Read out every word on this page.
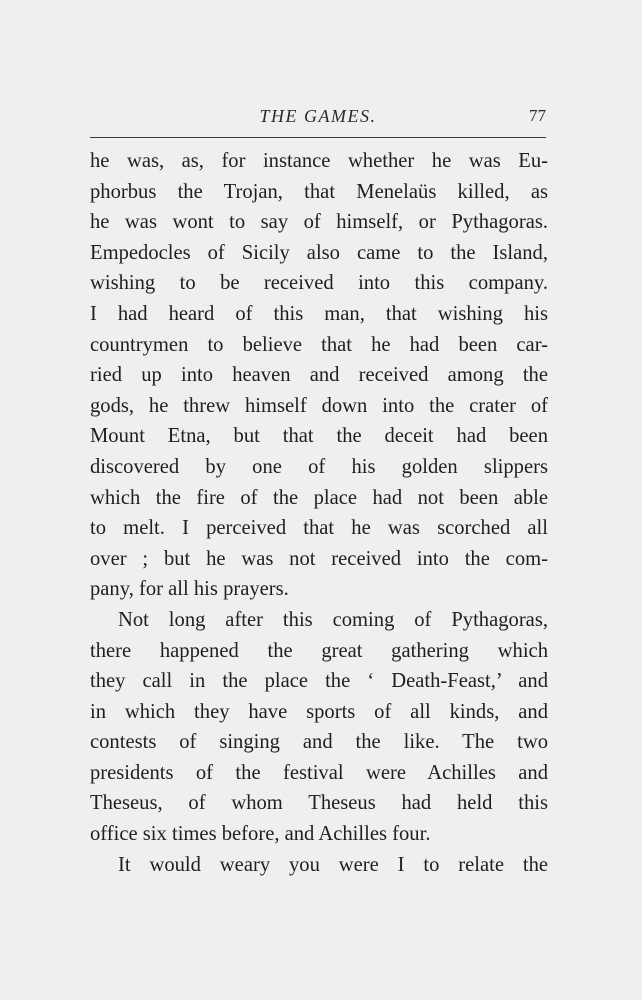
THE GAMES.	77
he was, as, for instance whether he was Eu-
phorbus the Trojan, that Menelaüs killed, as
he was wont to say of himself, or Pythagoras.
Empedocles of Sicily also came to the Island,
wishing to be received into this company.
I had heard of this man, that wishing his
countrymen to believe that he had been car-
ried up into heaven and received among the
gods, he threw himself down into the crater of
Mount Etna, but that the deceit had been
discovered by one of his golden slippers
which the fire of the place had not been able
to melt. I perceived that he was scorched all
over ; but he was not received into the com-
pany, for all his prayers.
Not long after this coming of Pythagoras,
there happened the great gathering which
they call in the place the ‘ Death-Feast,’ and
in which they have sports of all kinds, and
contests of singing and the like. The two
presidents of the festival were Achilles and
Theseus, of whom Theseus had held this
office six times before, and Achilles four.
It would weary you were I to relate the
